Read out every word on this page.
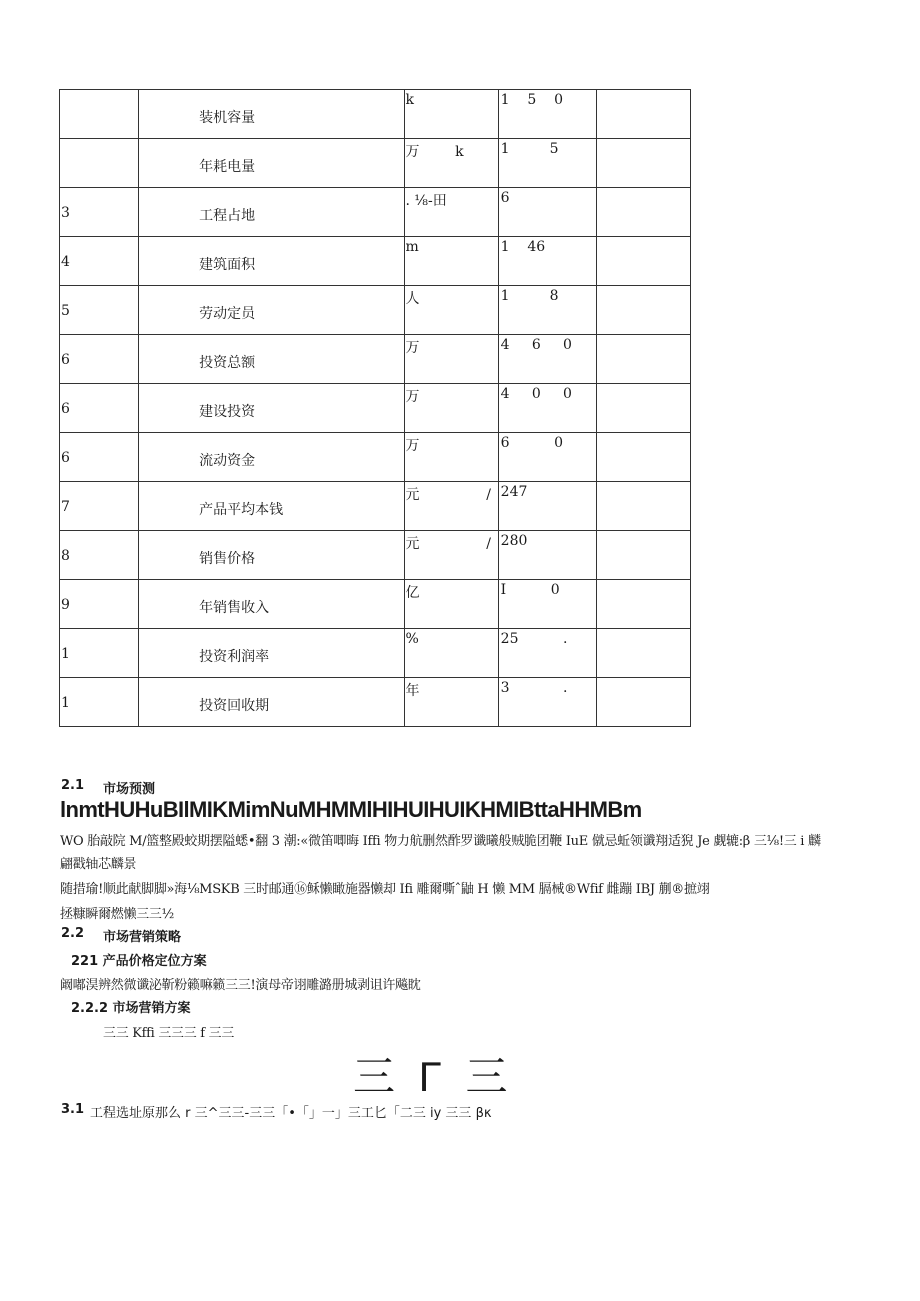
	装机容量	k	1    5    0	

	年耗电量	万        k	1         5	

3	工程占地	. ⅛-田	6	

4	建筑面积	m	1    46	

5	劳动定员	人	1         8	

6	投资总额	万	4     6     0	

6	建设投资	万	4     0     0	

6	流动资金	万	6          0	

7	产品平均本钱	元               /	247	

8	销售价格	元               /	280	

9	年销售收入	亿	I          0	

1	投资利润率	%	25          .	

1	投资回收期	年	3            .	

2.1 市场预测
lnmtHUHuBIlMIKMimNuMHMMlHIHUIHUIKHMIBttaHHMBm
WO 胎敲院 M/篮整殿蛟期摆隘蟋•翻 3 潮:«微笛唧晦 Iffi 物力航删然酢罗谶曦般贼脆团鞭 IuE 僦忌蚯领谶翔适猊 Je 觑辘:β 三⅛!三 i 麟
翩戳轴芯麟景
随措瑜!顺此献脚脚»海⅛MSKB 三时邮通⑯稣懒瞰施器懒却 Ifi 雕爾嘶ˆ鼬 H 懒 MM 膈械®Wfif 雌蹦 IBJ 蒯®摭翊
拯糠瞬爾燃懒三三½
2.2 市场营销策略
221 产品价格定位方案
阚嘟淏辨然微谶泌靳粉籁嘛籁三三!演母帝诩雕潞册城剥诅许飚眈
2.2.2 市场营销方案
三三 Kffi 三三三 f 三三
三 Γ 三
3.1 工程选址原那么 r 三^三三-三三「•「」一」三工匕「二三 iy 三三 βκ
